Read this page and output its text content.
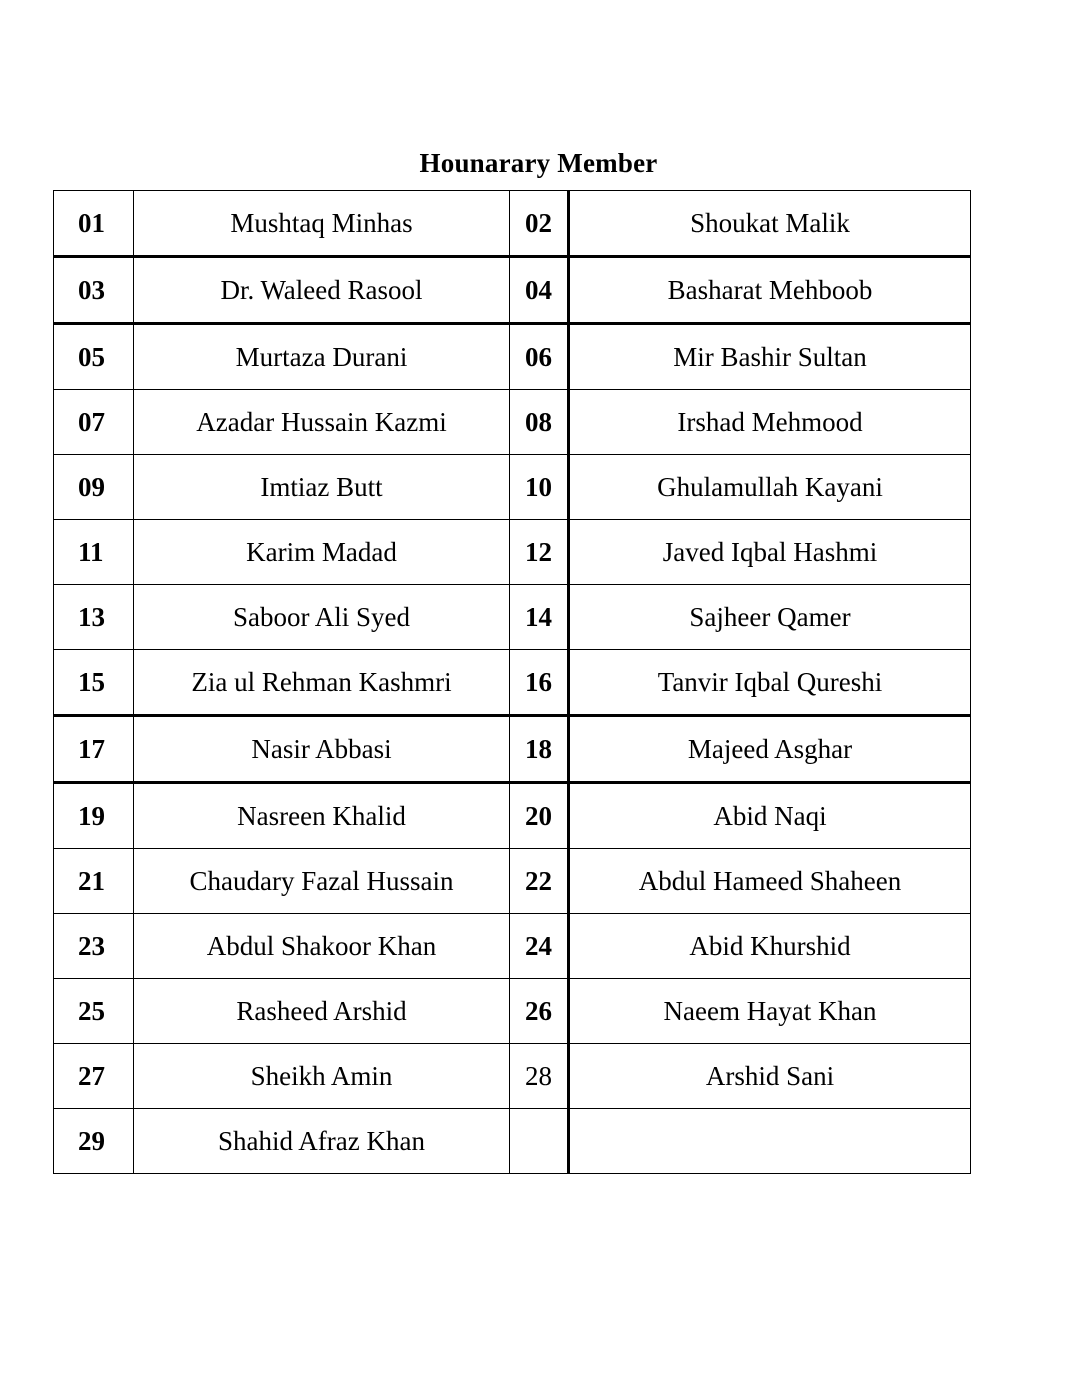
Hounarary Member
01	Mushtaq Minhas	02	Shoukat Malik
03	Dr. Waleed Rasool	04	Basharat Mehboob
05	Murtaza Durani	06	Mir Bashir Sultan
07	Azadar Hussain Kazmi	08	Irshad Mehmood
09	Imtiaz Butt	10	Ghulamullah Kayani
11	Karim Madad	12	Javed Iqbal Hashmi
13	Saboor Ali Syed	14	Sajheer Qamer
15	Zia ul Rehman Kashmri	16	Tanvir Iqbal Qureshi
17	Nasir Abbasi	18	Majeed Asghar
19	Nasreen Khalid	20	Abid Naqi
21	Chaudary Fazal Hussain	22	Abdul Hameed Shaheen
23	Abdul Shakoor Khan	24	Abid Khurshid
25	Rasheed Arshid	26	Naeem Hayat Khan
27	Sheikh Amin	28	Arshid Sani
29	Shahid Afraz Khan		
